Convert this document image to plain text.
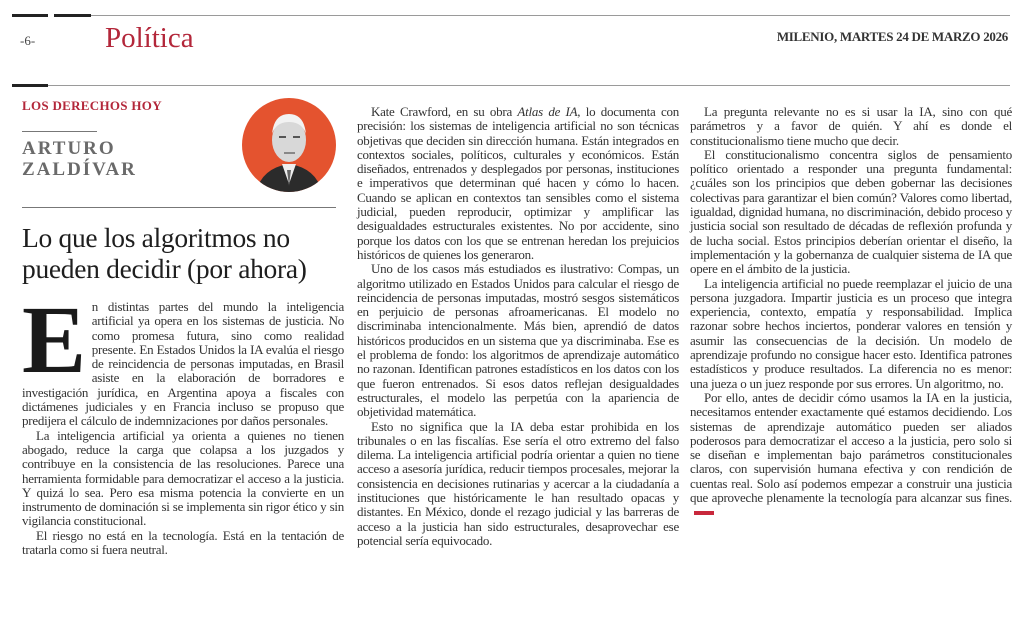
-6- Política	MILENIO, MARTES 24 DE MARZO 2026
LOS DERECHOS HOY
ARTURO
ZALDÍVAR
Lo que los algoritmos no pueden decidir (por ahora)

En distintas partes del mundo la inteligencia artificial ya opera en los sistemas de justicia. No como promesa futura, sino como realidad presente. En Estados Unidos la IA evalúa el riesgo de reincidencia de personas imputadas, en Brasil asiste en la elaboración de borradores e investigación jurídica, en Argentina apoya a fiscales con dictámenes judiciales y en Francia incluso se propuso que predijera el cálculo de indemnizaciones por daños personales.

La inteligencia artificial ya orienta a quienes no tienen abogado, reduce la carga que colapsa a los juzgados y contribuye en la consistencia de las resoluciones. Parece una herramienta formidable para democratizar el acceso a la justicia. Y quizá lo sea. Pero esa misma potencia la convierte en un instrumento de dominación si se implementa sin rigor ético y sin vigilancia constitucional.

El riesgo no está en la tecnología. Está en la tentación de tratarla como si fuera neutral.

Kate Crawford, en su obra Atlas de IA, lo documenta con precisión: los sistemas de inteligencia artificial no son técnicas objetivas que deciden sin dirección humana. Están integrados en contextos sociales, políticos, culturales y económicos. Están diseñados, entrenados y desplegados por personas, instituciones e imperativos que determinan qué hacen y cómo lo hacen. Cuando se aplican en contextos tan sensibles como el sistema judicial, pueden reproducir, optimizar y amplificar las desigualdades estructurales existentes. No por accidente, sino porque los datos con los que se entrenan heredan los prejuicios históricos de quienes los generaron.

Uno de los casos más estudiados es ilustrativo: Compas, un algoritmo utilizado en Estados Unidos para calcular el riesgo de reincidencia de personas imputadas, mostró sesgos sistemáticos en perjuicio de personas afroamericanas. El modelo no discriminaba intencionalmente. Más bien, aprendió de datos históricos producidos en un sistema que ya discriminaba. Ese es el problema de fondo: los algoritmos de aprendizaje automático no razonan. Identifican patrones estadísticos en los datos con los que fueron entrenados. Si esos datos reflejan desigualdades estructurales, el modelo las perpetúa con la apariencia de objetividad matemática.

Esto no significa que la IA deba estar prohibida en los tribunales o en las fiscalías. Ese sería el otro extremo del falso dilema. La inteligencia artificial podría orientar a quien no tiene acceso a asesoría jurídica, reducir tiempos procesales, mejorar la consistencia en decisiones rutinarias y acercar a la ciudadanía a instituciones que históricamente le han resultado opacas y distantes. En México, donde el rezago judicial y las barreras de acceso a la justicia han sido estructurales, desaprovechar ese potencial sería equivocado.

La pregunta relevante no es si usar la IA, sino con qué parámetros y a favor de quién. Y ahí es donde el constitucionalismo tiene mucho que decir.

El constitucionalismo concentra siglos de pensamiento político orientado a responder una pregunta fundamental: ¿cuáles son los principios que deben gobernar las decisiones colectivas para garantizar el bien común? Valores como libertad, igualdad, dignidad humana, no discriminación, debido proceso y justicia social son resultado de décadas de reflexión profunda y de lucha social. Estos principios deberían orientar el diseño, la implementación y la gobernanza de cualquier sistema de IA que opere en el ámbito de la justicia.

La inteligencia artificial no puede reemplazar el juicio de una persona juzgadora. Impartir justicia es un proceso que integra experiencia, contexto, empatía y responsabilidad. Implica razonar sobre hechos inciertos, ponderar valores en tensión y asumir las consecuencias de la decisión. Un modelo de aprendizaje profundo no consigue hacer esto. Identifica patrones estadísticos y produce resultados. La diferencia no es menor: una jueza o un juez responde por sus errores. Un algoritmo, no.

Por ello, antes de decidir cómo usamos la IA en la justicia, necesitamos entender exactamente qué estamos decidiendo. Los sistemas de aprendizaje automático pueden ser aliados poderosos para democratizar el acceso a la justicia, pero solo si se diseñan e implementan bajo parámetros constitucionales claros, con supervisión humana efectiva y con rendición de cuentas real. Solo así podemos empezar a construir una justicia que aproveche plenamente la tecnología para alcanzar sus fines.
